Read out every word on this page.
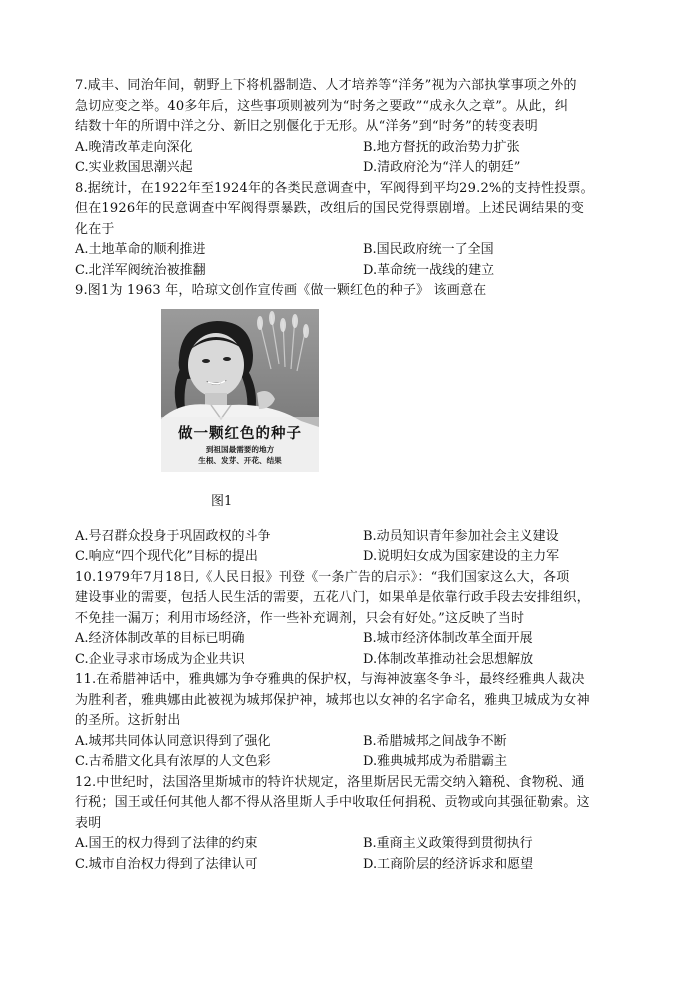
7.咸丰、同治年间，朝野上下将机器制造、人才培养等“洋务”视为六部执掌事项之外的
急切应变之举。40多年后，这些事项则被列为“时务之要政”“成永久之章”。从此，纠
结数十年的所谓中洋之分、新旧之别偃化于无形。从“洋务”到“时务”的转变表明

A.晚清改革走向深化	B.地方督抚的政治势力扩张
C.实业救国思潮兴起	D.清政府沦为“洋人的朝廷”

8.据统计，在1922年至1924年的各类民意调查中，军阀得到平均29.2%的支持性投票。
但在1926年的民意调查中军阀得票暴跌，改组后的国民党得票剧增。上述民调结果的变
化在于

A.土地革命的顺利推进	B.国民政府统一了全国
C.北洋军阀统治被推翻	D.革命统一战线的建立

9.图1为 1963 年，哈琼文创作宣传画《做一颗红色的种子》 该画意在

做一颗红色的种子
到祖国最需要的地方
生根、发芽、开花、结果
图1
A.号召群众投身于巩固政权的斗争	B.动员知识青年参加社会主义建设
C.响应“四个现代化”目标的提出	D.说明妇女成为国家建设的主力军

10.1979年7月18日,《人民日报》刊登《一条广告的启示》：“我们国家这么大，各项
建设事业的需要，包括人民生活的需要，五花八门，如果单是依靠行政手段去安排组织，
不免挂一漏万；利用市场经济，作一些补充调剂，只会有好处。”这反映了当时

A.经济体制改革的目标已明确	B.城市经济体制改革全面开展
C.企业寻求市场成为企业共识	D.体制改革推动社会思想解放

11.在希腊神话中，雅典娜为争夺雅典的保护权，与海神波塞冬争斗，最终经雅典人裁决
为胜利者，雅典娜由此被视为城邦保护神，城邦也以女神的名字命名，雅典卫城成为女神
的圣所。这折射出

A.城邦共同体认同意识得到了强化	B.希腊城邦之间战争不断
C.古希腊文化具有浓厚的人文色彩	D.雅典城邦成为希腊霸主

12.中世纪时，法国洛里斯城市的特许状规定，洛里斯居民无需交纳入籍税、食物税、通
行税；国王或任何其他人都不得从洛里斯人手中收取任何捐税、贡物或向其强征勒索。这
表明

A.国王的权力得到了法律的约束	B.重商主义政策得到贯彻执行
C.城市自治权力得到了法律认可	D.工商阶层的经济诉求和愿望
